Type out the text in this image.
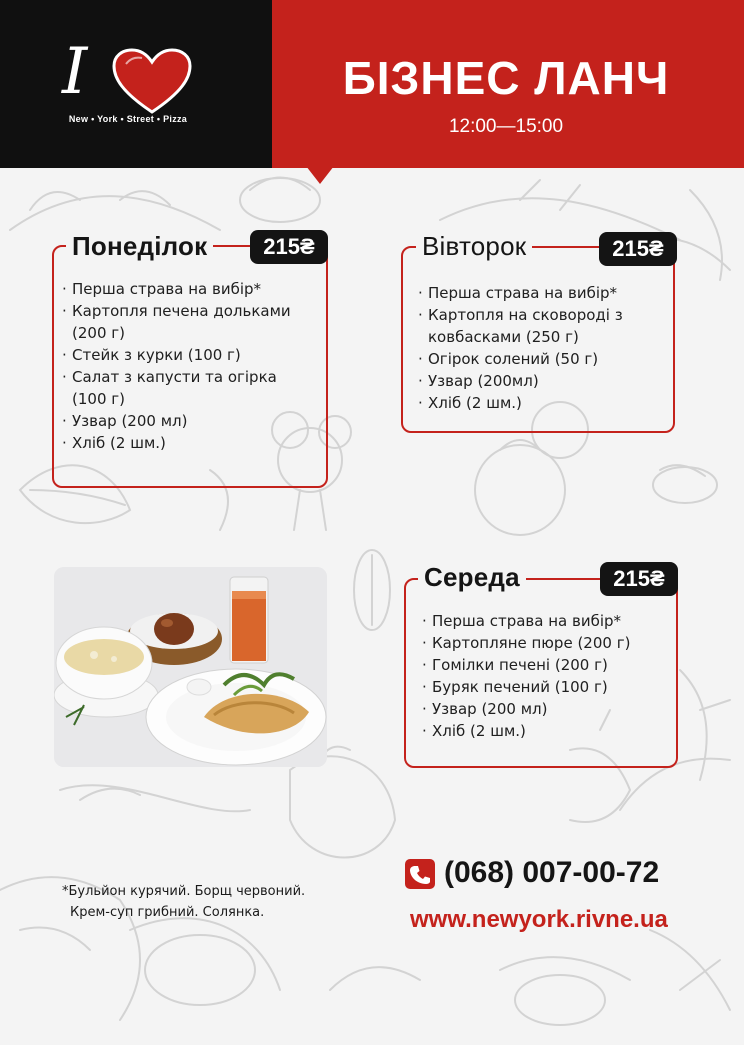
I
New • York • Street • Pizza
БІЗНЕС ЛАНЧ
12:00—15:00
Понеділок	215₴
· Перша страва на вибір*
· Картопля печена дольками
(200 г)
· Стейк з курки (100 г)
· Салат з капусти та огірка
(100 г)
· Узвар (200 мл)
· Хліб (2 шм.)
Вівторок	215₴
· Перша страва на вибір*
· Картопля на сковороді з
ковбасками (250 г)
· Огірок солений (50 г)
· Узвар (200мл)
· Хліб (2 шм.)
Середа	215₴
· Перша страва на вибір*
· Картопляне пюре (200 г)
· Гомілки печені (200 г)
· Буряк печений (100 г)
· Узвар (200 мл)
· Хліб (2 шм.)
*Бульйон курячий. Борщ червоний.
Крем-суп грибний. Солянка.
(068) 007-00-72
www.newyork.rivne.ua
